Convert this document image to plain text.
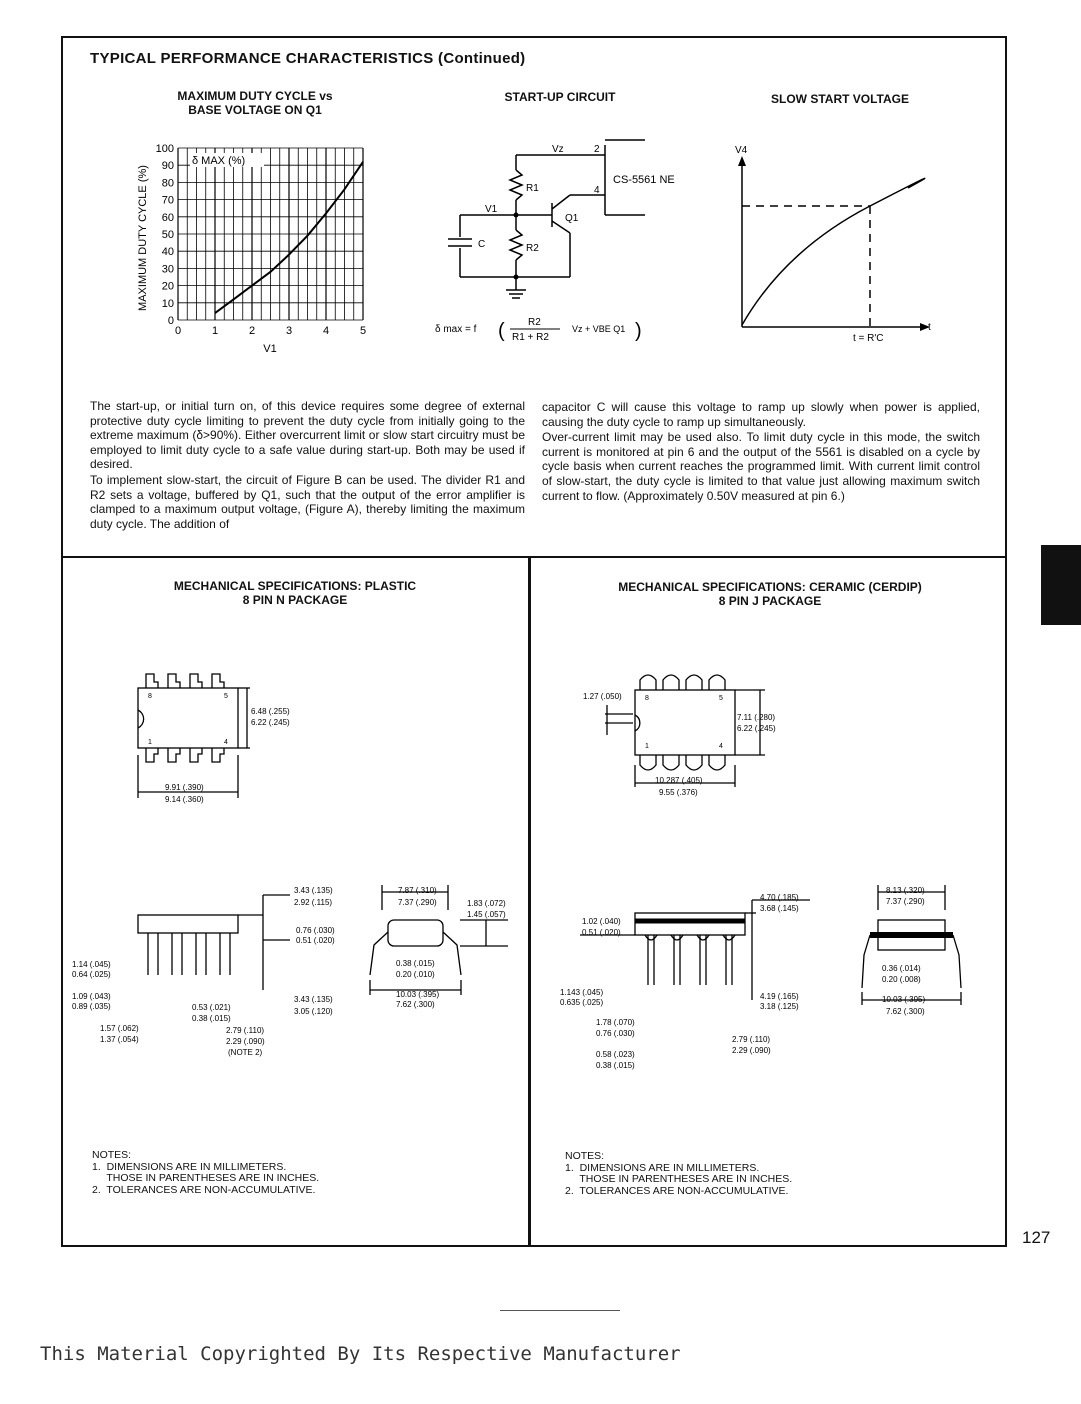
TYPICAL PERFORMANCE CHARACTERISTICS (Continued)
MAXIMUM DUTY CYCLE vs
BASE VOLTAGE ON Q1
START-UP CIRCUIT	SLOW START VOLTAGE
0	1	2	3	4	5
0
10
20
30
40
50
60
70
80
90
100
δ MAX (%)
V1
MAXIMUM DUTY CYCLE (%)
Vz	2
4
CS-5561 NE
R1
R2
Q1
V1
C
δ max = f ( R2
R1 + R2
Vz + VBE Q1 )
V4
t
t = R'C

The start-up, or initial turn on, of this device requires some degree of external protective duty cycle limiting to prevent the duty cycle from initially going to the extreme maximum (δ>90%). Either overcurrent limit or slow start circuitry must be employed to limit duty cycle to a safe value during start-up. Both may be used if desired.

To implement slow-start, the circuit of Figure B can be used. The divider R1 and R2 sets a voltage, buffered by Q1, such that the output of the error amplifier is clamped to a maximum output voltage, (Figure A), thereby limiting the maximum duty cycle. The addition of

capacitor C will cause this voltage to ramp up slowly when power is applied, causing the duty cycle to ramp up simultaneously.

Over-current limit may be used also. To limit duty cycle in this mode, the switch current is monitored at pin 6 and the output of the 5561 is disabled on a cycle by cycle basis when current reaches the programmed limit. With current limit control of slow-start, the duty cycle is limited to that value just allowing maximum switch current to flow. (Approximately 0.50V measured at pin 6.)

MECHANICAL SPECIFICATIONS: PLASTIC
8 PIN N PACKAGE
8	5
1	4
6.48 (.255)
6.22 (.245)
9.91 (.390)
9.14 (.360)
3.43 (.135)
2.92 (.115)
0.76 (.030)
0.51 (.020)
1.14 (.045)
0.64 (.025)
1.09 (.043)
0.89 (.035)	0.53 (.021)
0.38 (.015)
3.43 (.135)
3.05 (.120)
1.57 (.062)
1.37 (.054)
2.79 (.110)
2.29 (.090)
(NOTE 2)
7.87 (.310)
7.37 (.290)	1.83 (.072)
1.45 (.057)
0.38 (.015)
0.20 (.010)
10.03 (.395)
7.62 (.300)
NOTES:
1.  DIMENSIONS ARE IN MILLIMETERS.
THOSE IN PARENTHESES ARE IN INCHES.
2.  TOLERANCES ARE NON-ACCUMULATIVE.
MECHANICAL SPECIFICATIONS: CERAMIC (CERDIP)
8 PIN J PACKAGE
8	5
1	4
1.27 (.050)
7.11 (.280)
6.22 (.245)
10.287 (.405)
9.55 (.376)
4.70 (.185)
3.68 (.145)
1.02 (.040)
0.51 (.020)
1.143 (.045)
0.635 (.025)
4.19 (.165)
3.18 (.125)
1.78 (.070)
0.76 (.030)
2.79 (.110)
2.29 (.090)
0.58 (.023)
0.38 (.015)
8.13 (.320)
7.37 (.290)
0.36 (.014)
0.20 (.008)
10.03 (.395)
7.62 (.300)
NOTES:
1.  DIMENSIONS ARE IN MILLIMETERS.
THOSE IN PARENTHESES ARE IN INCHES.
2.  TOLERANCES ARE NON-ACCUMULATIVE.
127
This Material Copyrighted By Its Respective Manufacturer
